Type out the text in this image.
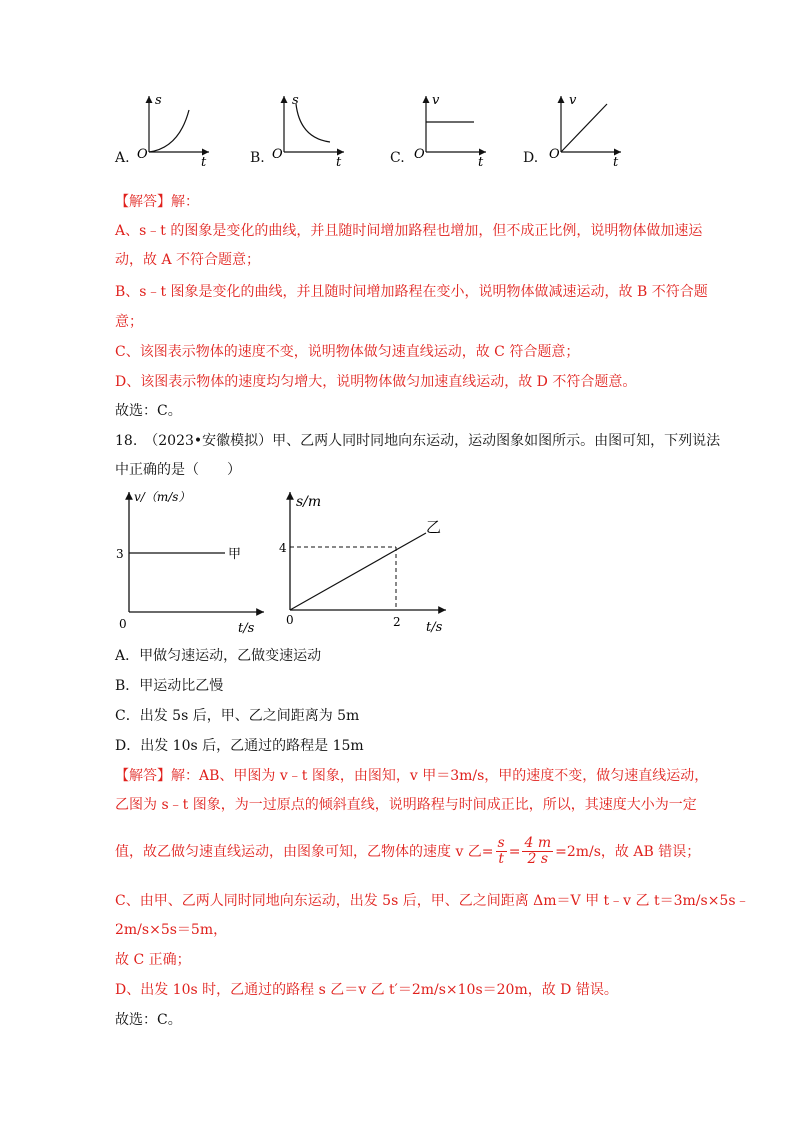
A.
s
O
t	B.
s
O
t	C.
v
O
t	D.
v
O
t
【解答】解：
A、s﹣t 的图象是变化的曲线，并且随时间增加路程也增加，但不成正比例，说明物体做加速运
动，故 A 不符合题意；
B、s﹣t 图象是变化的曲线，并且随时间增加路程在变小，说明物体做减速运动，故 B 不符合题
意；
C、该图表示物体的速度不变，说明物体做匀速直线运动，故 C 符合题意；
D、该图表示物体的速度均匀增大，说明物体做匀加速直线运动，故 D 不符合题意。
故选：C。
18.　（2023•安徽模拟）甲、乙两人同时同地向东运动，运动图象如图所示。由图可知，下列说法
中正确的是（　　）
v/（m/s）
3	甲
0	t/s
s/m
4
2
0
乙
t/s
A．甲做匀速运动，乙做变速运动
B．甲运动比乙慢
C．出发 5s 后，甲、乙之间距离为 5m
D．出发 10s 后，乙通过的路程是 15m
【解答】解：AB、甲图为 v﹣t 图象，由图知，v 甲＝3m/s，甲的速度不变，做匀速直线运动，
乙图为 s﹣t 图象，为一过原点的倾斜直线，说明路程与时间成正比，所以，其速度大小为一定
值，故乙做匀速直线运动，由图象可知，乙物体的速度 v 乙= $\frac{s}{t} = \frac{4 m}{2 s} =2m/s$，故 AB 错误；
C、由甲、乙两人同时同地向东运动，出发 5s 后，甲、乙之间距离 Δm＝V 甲 t﹣v 乙 t＝3m/s×5s﹣
2m/s×5s＝5m，
故 C 正确；
D、出发 10s 时，乙通过的路程 s 乙＝v 乙 t′＝2m/s×10s＝20m，故 D 错误。
故选：C。
